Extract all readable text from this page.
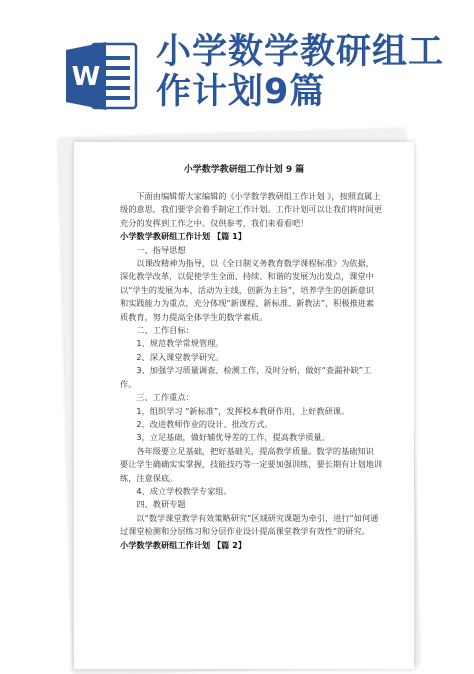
W
小学数学教研组工作计划9篇
小学数学教研组工作计划 9 篇

下面由编辑帮大家编辑的《小学数学教研组工作计划 》，按照直属上级的意思，我们要学会着手制定工作计划。工作计划可以让我们将时间更充分的发挥到工作之中。仅供参考，我们来看看吧！

小学数学教研组工作计划 【篇 1】

一、指导思想

以课改精神为指导，以《全日制义务教育数学课程标准》为依据，深化教学改革，以促使学生全面、持续、和谐的发展为出发点，课堂中以“学生的发展为本，活动为主线，创新为主旨”，培养学生的创新意识和实践能力为重点，充分体现“新课程、新标准、新教法”，积极推进素质教育，努力提高全体学生的数学素质。

二、工作目标：

1、规范教学常规管理。

2、深入课堂教学研究。

3、加强学习质量调查、检测工作，及时分析，做好“查漏补缺”工作。

三、工作重点：

1，组织学习 “新标准”，发挥校本教研作用，上好教研课。

2，改进教师作业的设计、批改方式。

3，立足基础，做好辅优导差的工作，提高教学质量。

各年级要立足基础，把好基础关，提高教学质量。数学的基础知识要让学生确确实实掌握，技能技巧等一定要加强训练，要长期有计划地训练，注意保底。

4、成立学校教学专家组。

四、教研专题

以“数学课堂教学有效策略研究”区域研究课题为牵引，进行“如何通过课堂检测和分层练习和分层作业设计提高课堂教学有效性”的研究。

小学数学教研组工作计划 【篇 2】
